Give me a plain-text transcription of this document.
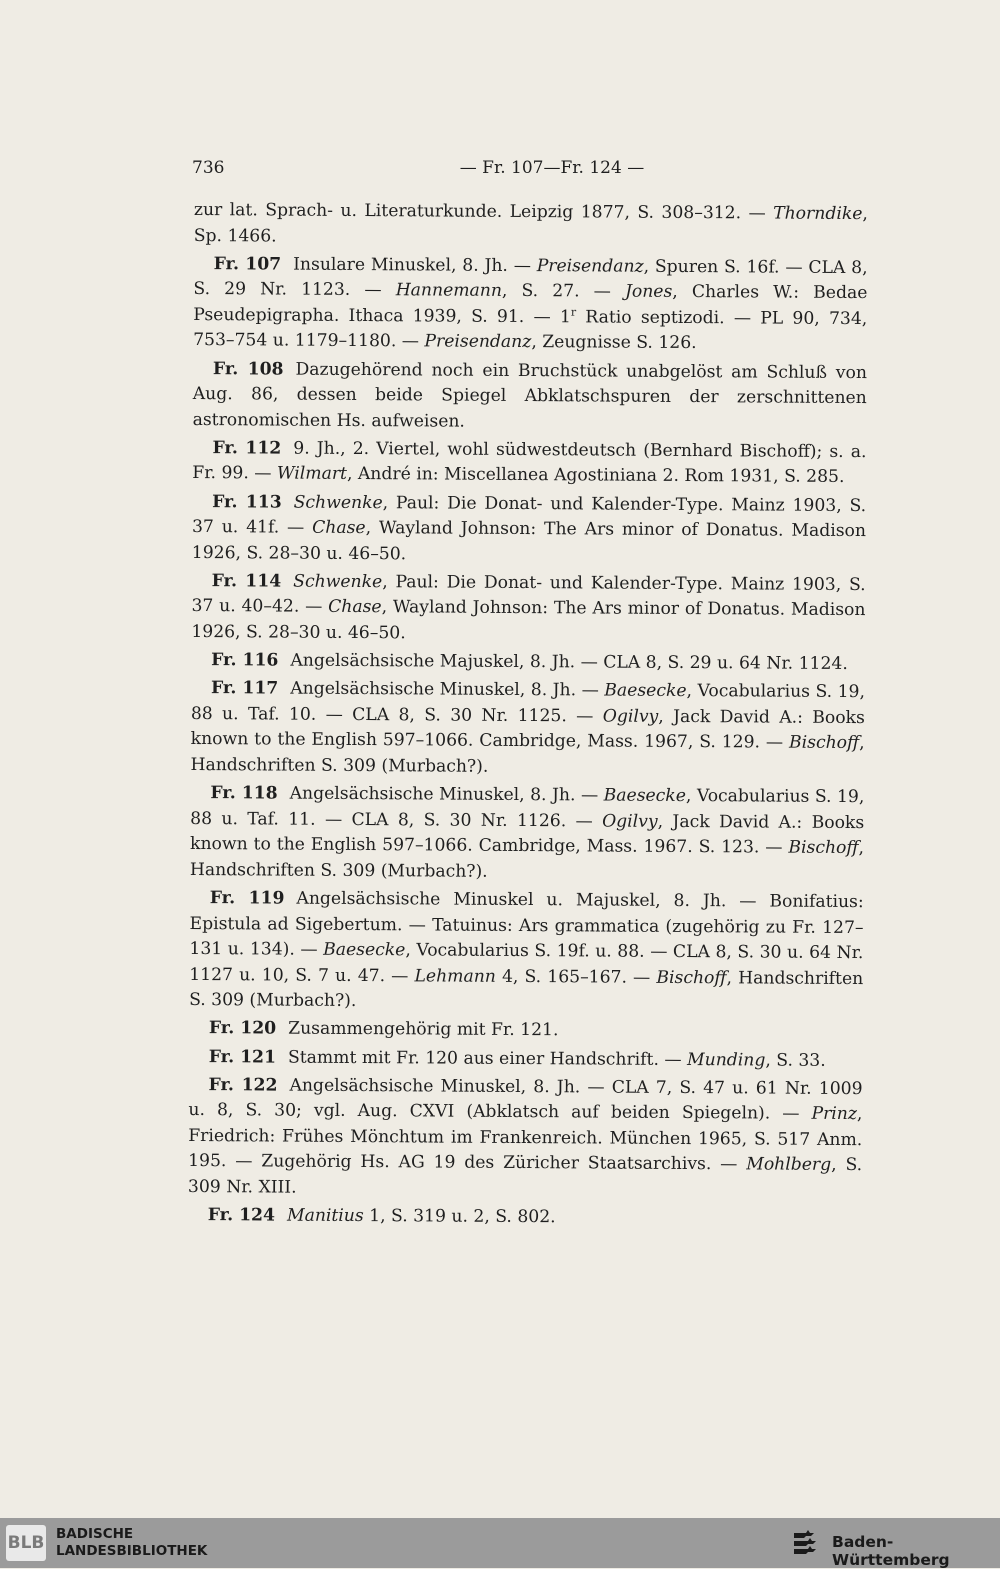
736	— Fr. 107—Fr. 124 —

zur lat. Sprach- u. Literaturkunde. Leipzig 1877, S. 308–312. — Thorndike, Sp. 1466.

Fr. 107 Insulare Minuskel, 8. Jh. — Preisendanz, Spuren S. 16f. — CLA 8, S. 29 Nr. 1123. — Hannemann, S. 27. — Jones, Charles W.: Bedae Pseudepigrapha. Ithaca 1939, S. 91. — 1$^r$ Ratio septizodi. — PL 90, 734, 753–754 u. 1179–1180. — Preisendanz, Zeugnisse S. 126.

Fr. 108 Dazugehörend noch ein Bruchstück unabgelöst am Schluß von Aug. 86, dessen beide Spiegel Abklatschspuren der zerschnittenen astronomischen Hs. aufweisen.

Fr. 112 9. Jh., 2. Viertel, wohl südwestdeutsch (Bernhard Bischoff); s. a. Fr. 99. — Wilmart, André in: Miscellanea Agostiniana 2. Rom 1931, S. 285.

Fr. 113 Schwenke, Paul: Die Donat- und Kalender-Type. Mainz 1903, S. 37 u. 41f. — Chase, Wayland Johnson: The Ars minor of Donatus. Madison 1926, S. 28–30 u. 46–50.

Fr. 114 Schwenke, Paul: Die Donat- und Kalender-Type. Mainz 1903, S. 37 u. 40–42. — Chase, Wayland Johnson: The Ars minor of Donatus. Madison 1926, S. 28–30 u. 46–50.

Fr. 116 Angelsächsische Majuskel, 8. Jh. — CLA 8, S. 29 u. 64 Nr. 1124.

Fr. 117 Angelsächsische Minuskel, 8. Jh. — Baesecke, Vocabularius S. 19, 88 u. Taf. 10. — CLA 8, S. 30 Nr. 1125. — Ogilvy, Jack David A.: Books known to the English 597–1066. Cambridge, Mass. 1967, S. 129. — Bischoff, Handschriften S. 309 (Murbach?).

Fr. 118 Angelsächsische Minuskel, 8. Jh. — Baesecke, Vocabularius S. 19, 88 u. Taf. 11. — CLA 8, S. 30 Nr. 1126. — Ogilvy, Jack David A.: Books known to the English 597–1066. Cambridge, Mass. 1967. S. 123. — Bischoff, Handschriften S. 309 (Murbach?).

Fr. 119 Angelsächsische Minuskel u. Majuskel, 8. Jh. — Bonifatius: Epistula ad Sigebertum. — Tatuinus: Ars grammatica (zugehörig zu Fr. 127–131 u. 134). — Baesecke, Vocabularius S. 19f. u. 88. — CLA 8, S. 30 u. 64 Nr. 1127 u. 10, S. 7 u. 47. — Lehmann 4, S. 165–167. — Bischoff, Handschriften S. 309 (Murbach?).

Fr. 120 Zusammengehörig mit Fr. 121.

Fr. 121 Stammt mit Fr. 120 aus einer Handschrift. — Munding, S. 33.

Fr. 122 Angelsächsische Minuskel, 8. Jh. — CLA 7, S. 47 u. 61 Nr. 1009 u. 8, S. 30; vgl. Aug. CXVI (Abklatsch auf beiden Spiegeln). — Prinz, Friedrich: Frühes Mönchtum im Frankenreich. München 1965, S. 517 Anm. 195. — Zugehörig Hs. AG 19 des Züricher Staatsarchivs. — Mohlberg, S. 309 Nr. XIII.

Fr. 124 Manitius 1, S. 319 u. 2, S. 802.

BLB BADISCHE
LANDESBIBLIOTHEK	Baden-Württemberg
